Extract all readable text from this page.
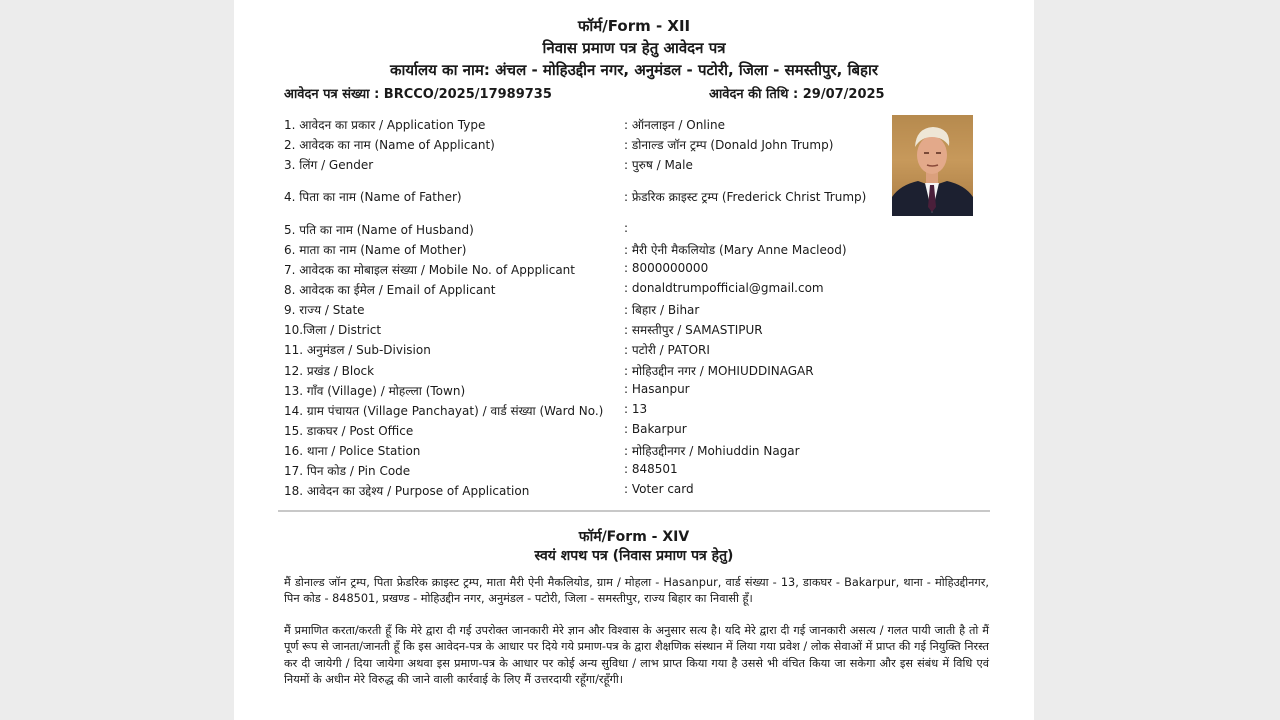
फॉर्म/Form - XII
निवास प्रमाण पत्र हेतु आवेदन पत्र
कार्यालय का नाम: अंचल - मोहिउद्दीन नगर, अनुमंडल - पटोरी, जिला - समस्तीपुर, बिहार
आवेदन पत्र संख्या : BRCCO/2025/17989735	आवेदन की तिथि : 29/07/2025
1. आवेदन का प्रकार / Application Type	: ऑनलाइन / Online
2. आवेदक का नाम (Name of Applicant)	: डोनाल्ड जॉन ट्रम्प (Donald John Trump)
3. लिंग / Gender	: पुरुष / Male
4. पिता का नाम (Name of Father)	: फ्रेडरिक क्राइस्ट ट्रम्प (Frederick Christ Trump)
5. पति का नाम (Name of Husband)	:
6. माता का नाम (Name of Mother)	: मैरी ऐनी मैकलियोड (Mary Anne Macleod)
7. आवेदक का मोबाइल संख्या / Mobile No. of Appplicant	: 8000000000
8. आवेदक का ईमेल / Email of Applicant	: donaldtrumpofficial@gmail.com
9. राज्य / State	: बिहार / Bihar
10.जिला / District	: समस्तीपुर / SAMASTIPUR
11. अनुमंडल / Sub-Division	: पटोरी / PATORI
12. प्रखंड / Block	: मोहिउद्दीन नगर / MOHIUDDINAGAR
13. गाँव (Village) / मोहल्ला (Town)	: Hasanpur
14. ग्राम पंचायत (Village Panchayat) / वार्ड संख्या (Ward No.) : 13
15. डाकघर / Post Office	: Bakarpur
16. थाना / Police Station	: मोहिउद्दीनगर / Mohiuddin Nagar
17. पिन कोड / Pin Code	: 848501
18. आवेदन का उद्देश्य / Purpose of Application	: Voter card
फॉर्म/Form - XIV
स्वयं शपथ पत्र (निवास प्रमाण पत्र हेतु)
मैं डोनाल्ड जॉन ट्रम्प, पिता फ्रेडरिक क्राइस्ट ट्रम्प, माता मैरी ऐनी मैकलियोड, ग्राम / मोहला - Hasanpur, वार्ड संख्या - 13, डाकघर - Bakarpur, थाना - मोहिउद्दीनगर, पिन कोड - 848501, प्रखण्ड - मोहिउद्दीन नगर, अनुमंडल - पटोरी, जिला - समस्तीपुर, राज्य बिहार का निवासी हूँ।
मैं प्रमाणित करता/करती हूँ कि मेरे द्वारा दी गई उपरोक्त जानकारी मेरे ज्ञान और विश्वास के अनुसार सत्य है। यदि मेरे द्वारा दी गई जानकारी असत्य / गलत पायी जाती है तो मैं पूर्ण रूप से जानता/जानती हूँ कि इस आवेदन-पत्र के आधार पर दिये गये प्रमाण-पत्र के द्वारा शैक्षणिक संस्थान में लिया गया प्रवेश / लोक सेवाओं में प्राप्त की गई नियुक्ति निरस्त कर दी जायेगी / दिया जायेगा अथवा इस प्रमाण-पत्र के आधार पर कोई अन्य सुविधा / लाभ प्राप्त किया गया है उससे भी वंचित किया जा सकेगा और इस संबंध में विधि एवं नियमों के अधीन मेरे विरुद्ध की जाने वाली कार्रवाई के लिए मैं उत्तरदायी रहूँगा/रहूँगी।
